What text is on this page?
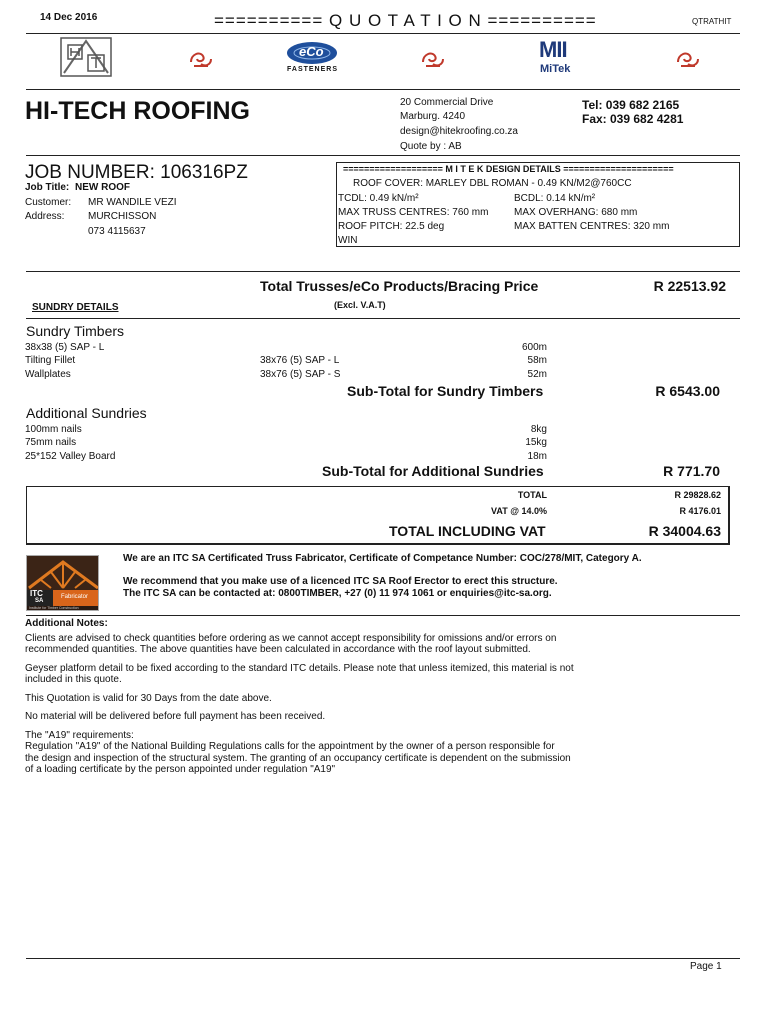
14 Dec 2016	========== Q U O T A T I O N ==========	QTRATHIT
eCo
FASTENERS
MII
MiTek
HI-TECH ROOFING	20 Commercial Drive
Marburg. 4240
design@hitekroofing.co.za
Quote by : AB
Tel: 039 682 2165
Fax: 039 682 4281
JOB NUMBER: 106316PZ
Job Title: NEW ROOF
Customer: MR WANDILE VEZI
Address: MURCHISSON
073 4115637
=================== M I T E K DESIGN DETAILS =====================
ROOF COVER: MARLEY DBL ROMAN - 0.49 KN/M2@760CC
TCDL: 0.49 kN/m²	BCDL: 0.14 kN/m²
MAX TRUSS CENTRES: 760 mm	MAX OVERHANG: 680 mm
ROOF PITCH: 22.5 deg	MAX BATTEN CENTRES: 320 mm
WIN
Total Trusses/eCo Products/Bracing Price	R 22513.92
SUNDRY DETAILS	(Excl. V.A.T)
Sundry Timbers
38x38 (5) SAP - L	600m
Tilting Fillet	38x76 (5) SAP - L	58m
Wallplates	38x76 (5) SAP - S	52m
Sub-Total for Sundry Timbers	R 6543.00
Additional Sundries
100mm nails	8kg
75mm nails	15kg
25*152 Valley Board	18m
Sub-Total for Additional Sundries	R 771.70
TOTAL	R 29828.62
VAT @ 14.0%	R 4176.01
TOTAL INCLUDING VAT	R 34004.63
ITC
SA
Fabricator
Institute for Timber Construction
We are an ITC SA Certificated Truss Fabricator, Certificate of Competance Number: COC/278/MIT, Category A.
We recommend that you make use of a licenced ITC SA Roof Erector to erect this structure.
The ITC SA can be contacted at: 0800TIMBER, +27 (0) 11 974 1061 or enquiries@itc-sa.org.

Additional Notes:

Clients are advised to check quantities before ordering as we cannot accept responsibility for omissions and/or errors on

recommended quantities. The above quantities have been calculated in accordance with the roof layout submitted.

Geyser platform detail to be fixed according to the standard ITC details. Please note that unless itemized, this material is not

included in this quote.

This Quotation is valid for 30 Days from the date above.

No material will be delivered before full payment has been received.

The "A19" requirements:

Regulation "A19" of the National Building Regulations calls for the appointment by the owner of a person responsible for

the design and inspection of the structural system. The granting of an occupancy certificate is dependent on the submission

of a loading certificate by the person appointed under regulation "A19"

Page 1
